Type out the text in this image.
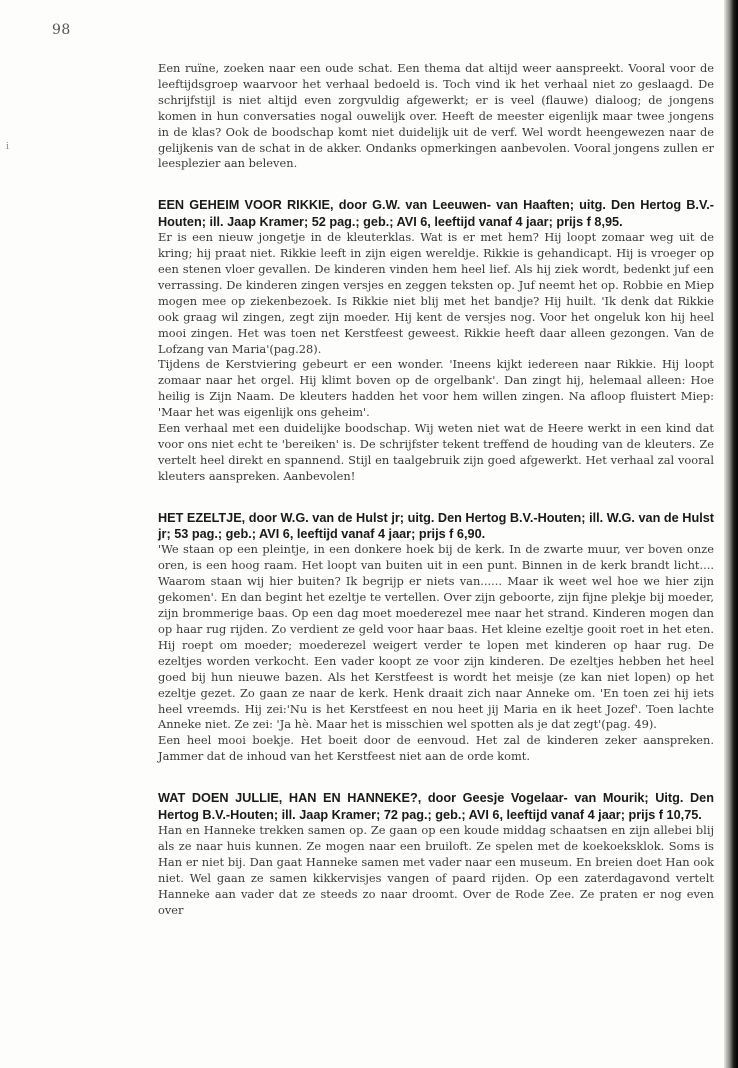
98
i

Een ruïne, zoeken naar een oude schat. Een thema dat altijd weer aanspreekt. Vooral voor de leeftijdsgroep waarvoor het verhaal bedoeld is. Toch vind ik het verhaal niet zo geslaagd. De schrijfstijl is niet altijd even zorgvuldig afgewerkt; er is veel (flauwe) dialoog; de jongens komen in hun conversaties nogal ouwelijk over. Heeft de meester eigenlijk maar twee jongens in de klas? Ook de boodschap komt niet duidelijk uit de verf. Wel wordt heengewezen naar de gelijkenis van de schat in de akker. Ondanks opmerkingen aanbevolen. Vooral jongens zullen er leesplezier aan beleven.

EEN GEHEIM VOOR RIKKIE, door G.W. van Leeuwen- van Haaften; uitg. Den Hertog B.V.-Houten; ill. Jaap Kramer; 52 pag.; geb.; AVI 6, leeftijd vanaf 4 jaar; prijs f 8,95.

Er is een nieuw jongetje in de kleuterklas. Wat is er met hem? Hij loopt zomaar weg uit de kring; hij praat niet. Rikkie leeft in zijn eigen wereldje. Rikkie is gehandicapt. Hij is vroeger op een stenen vloer gevallen. De kinderen vinden hem heel lief. Als hij ziek wordt, bedenkt juf een verrassing. De kinderen zingen versjes en zeggen teksten op. Juf neemt het op. Robbie en Miep mogen mee op ziekenbezoek. Is Rikkie niet blij met het bandje? Hij huilt. 'Ik denk dat Rikkie ook graag wil zingen, zegt zijn moeder. Hij kent de versjes nog. Voor het ongeluk kon hij heel mooi zingen. Het was toen net Kerstfeest geweest. Rikkie heeft daar alleen gezongen. Van de Lofzang van Maria'(pag.28).

Tijdens de Kerstviering gebeurt er een wonder. 'Ineens kijkt iedereen naar Rikkie. Hij loopt zomaar naar het orgel. Hij klimt boven op de orgelbank'. Dan zingt hij, helemaal alleen: Hoe heilig is Zijn Naam. De kleuters hadden het voor hem willen zingen. Na afloop fluistert Miep: 'Maar het was eigenlijk ons geheim'.

Een verhaal met een duidelijke boodschap. Wij weten niet wat de Heere werkt in een kind dat voor ons niet echt te 'bereiken' is. De schrijfster tekent treffend de houding van de kleuters. Ze vertelt heel direkt en spannend. Stijl en taalgebruik zijn goed afgewerkt. Het verhaal zal vooral kleuters aanspreken. Aanbevolen!

HET EZELTJE, door W.G. van de Hulst jr; uitg. Den Hertog B.V.-Houten; ill. W.G. van de Hulst jr; 53 pag.; geb.; AVI 6, leeftijd vanaf 4 jaar; prijs f 6,90.

'We staan op een pleintje, in een donkere hoek bij de kerk. In de zwarte muur, ver boven onze oren, is een hoog raam. Het loopt van buiten uit in een punt. Binnen in de kerk brandt licht.... Waarom staan wij hier buiten? Ik begrijp er niets van...... Maar ik weet wel hoe we hier zijn gekomen'. En dan begint het ezeltje te vertellen. Over zijn geboorte, zijn fijne plekje bij moeder, zijn brommerige baas. Op een dag moet moederezel mee naar het strand. Kinderen mogen dan op haar rug rijden. Zo verdient ze geld voor haar baas. Het kleine ezeltje gooit roet in het eten. Hij roept om moeder; moederezel weigert verder te lopen met kinderen op haar rug. De ezeltjes worden verkocht. Een vader koopt ze voor zijn kinderen. De ezeltjes hebben het heel goed bij hun nieuwe bazen. Als het Kerstfeest is wordt het meisje (ze kan niet lopen) op het ezeltje gezet. Zo gaan ze naar de kerk. Henk draait zich naar Anneke om. 'En toen zei hij iets heel vreemds. Hij zei:'Nu is het Kerstfeest en nou heet jij Maria en ik heet Jozef'. Toen lachte Anneke niet. Ze zei: 'Ja hè. Maar het is misschien wel spotten als je dat zegt'(pag. 49).

Een heel mooi boekje. Het boeit door de eenvoud. Het zal de kinderen zeker aanspreken. Jammer dat de inhoud van het Kerstfeest niet aan de orde komt.

WAT DOEN JULLIE, HAN EN HANNEKE?, door Geesje Vogelaar- van Mourik; Uitg. Den Hertog B.V.-Houten; ill. Jaap Kramer; 72 pag.; geb.; AVI 6, leeftijd vanaf 4 jaar; prijs f 10,75.

Han en Hanneke trekken samen op. Ze gaan op een koude middag schaatsen en zijn allebei blij als ze naar huis kunnen. Ze mogen naar een bruiloft. Ze spelen met de koekoeksklok. Soms is Han er niet bij. Dan gaat Hanneke samen met vader naar een museum. En breien doet Han ook niet. Wel gaan ze samen kikkervisjes vangen of paard rijden. Op een zaterdagavond vertelt Hanneke aan vader dat ze steeds zo naar droomt. Over de Rode Zee. Ze praten er nog even over
